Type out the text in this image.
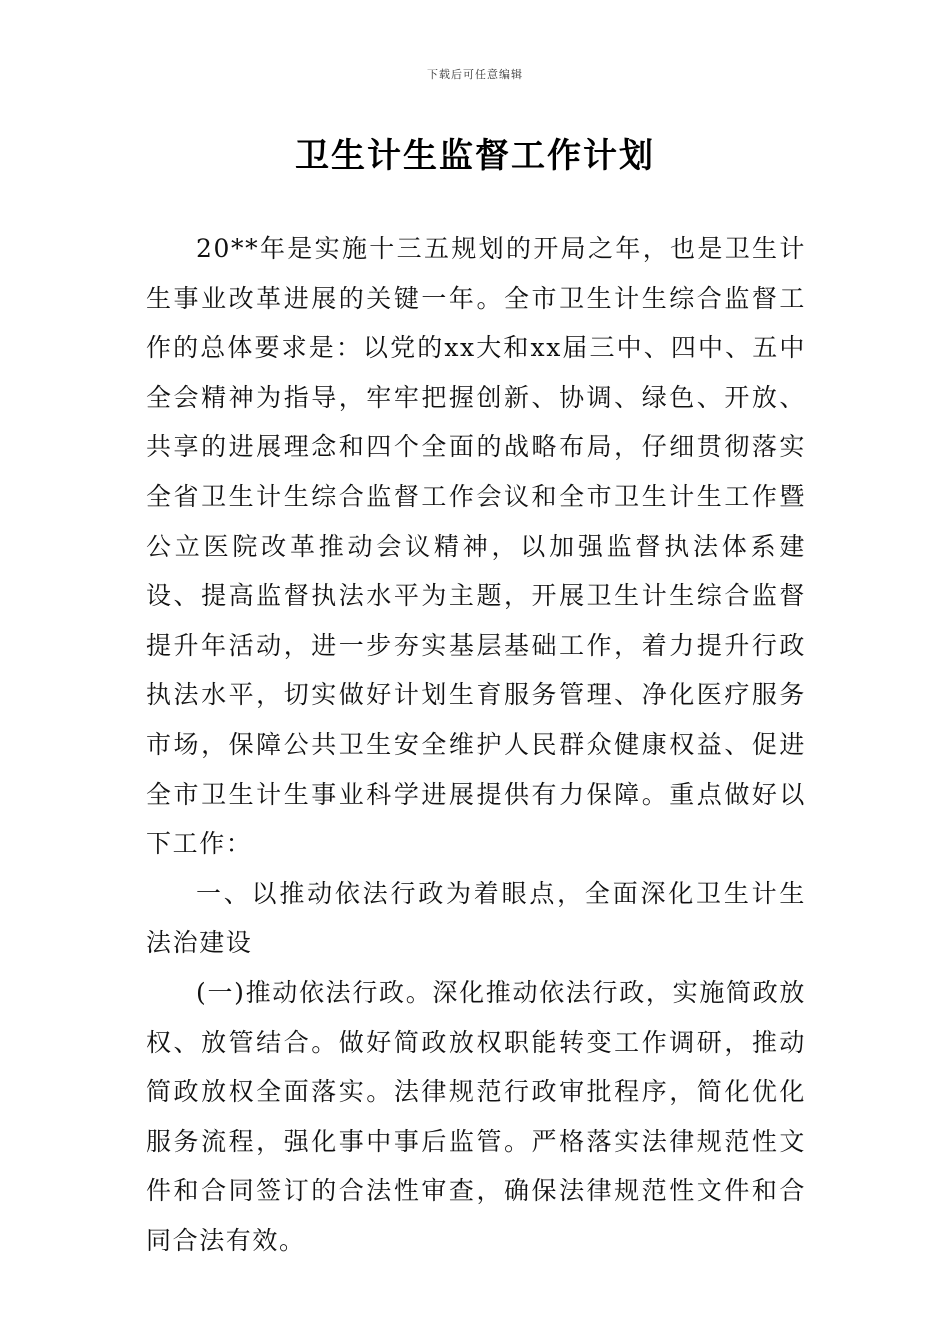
下载后可任意编辑
卫生计生监督工作计划

20**年是实施十三五规划的开局之年，也是卫生计生事业改革进展的关键一年。全市卫生计生综合监督工作的总体要求是：以党的xx大和xx届三中、四中、五中全会精神为指导，牢牢把握创新、协调、绿色、开放、共享的进展理念和四个全面的战略布局，仔细贯彻落实全省卫生计生综合监督工作会议和全市卫生计生工作暨公立医院改革推动会议精神，以加强监督执法体系建设、提高监督执法水平为主题，开展卫生计生综合监督提升年活动，进一步夯实基层基础工作，着力提升行政执法水平，切实做好计划生育服务管理、净化医疗服务市场，保障公共卫生安全维护人民群众健康权益、促进全市卫生计生事业科学进展提供有力保障。重点做好以下工作：

一、以推动依法行政为着眼点，全面深化卫生计生法治建设

(一)推动依法行政。深化推动依法行政，实施简政放权、放管结合。做好简政放权职能转变工作调研，推动简政放权全面落实。法律规范行政审批程序，简化优化服务流程，强化事中事后监管。严格落实法律规范性文件和合同签订的合法性审查，确保法律规范性文件和合同合法有效。
